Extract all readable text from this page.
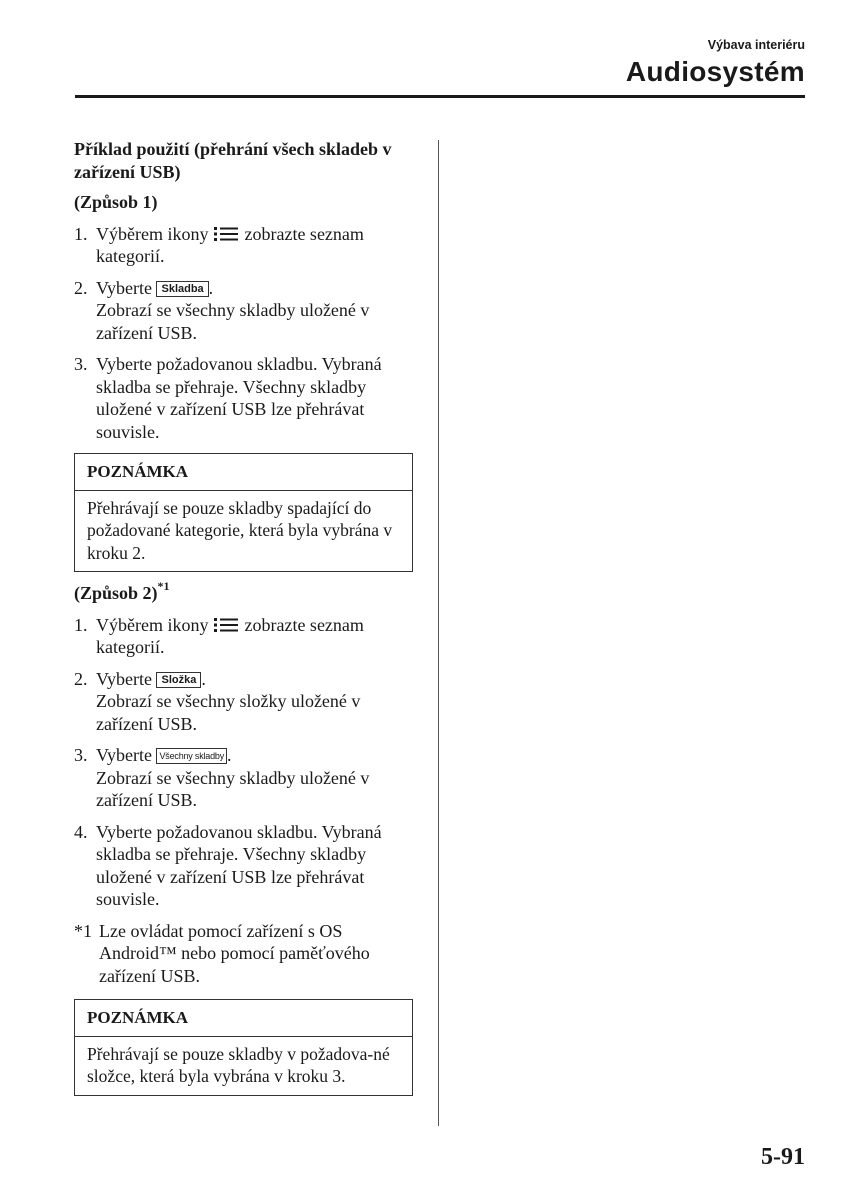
Výbava interiéru
Audiosystém

Příklad použití (přehrání všech skladeb v zařízení USB)

(Způsob 1)

1. Výběrem ikony zobrazte seznam kategorií.
2. Vyberte Skladba .
Zobrazí se všechny skladby uložené v zařízení USB.
3. Vyberte požadovanou skladbu. Vybraná skladba se přehraje. Všechny skladby uložené v zařízení USB lze přehrávat souvisle.
POZNÁMKA
Přehrávají se pouze skladby spadající do požadované kategorie, která byla vybrána v kroku 2.

(Způsob 2)$^{*1}$

1. Výběrem ikony zobrazte seznam kategorií.
2. Vyberte Složka .
Zobrazí se všechny složky uložené v zařízení USB.
3. Vyberte Všechny skladby .
Zobrazí se všechny skladby uložené v zařízení USB.
4. Vyberte požadovanou skladbu. Vybraná skladba se přehraje. Všechny skladby uložené v zařízení USB lze přehrávat souvisle.
*1 Lze ovládat pomocí zařízení s OS Android™ nebo pomocí paměťového zařízení USB.
POZNÁMKA
Přehrávají se pouze skladby v požadova-né složce, která byla vybrána v kroku 3.
5-91
